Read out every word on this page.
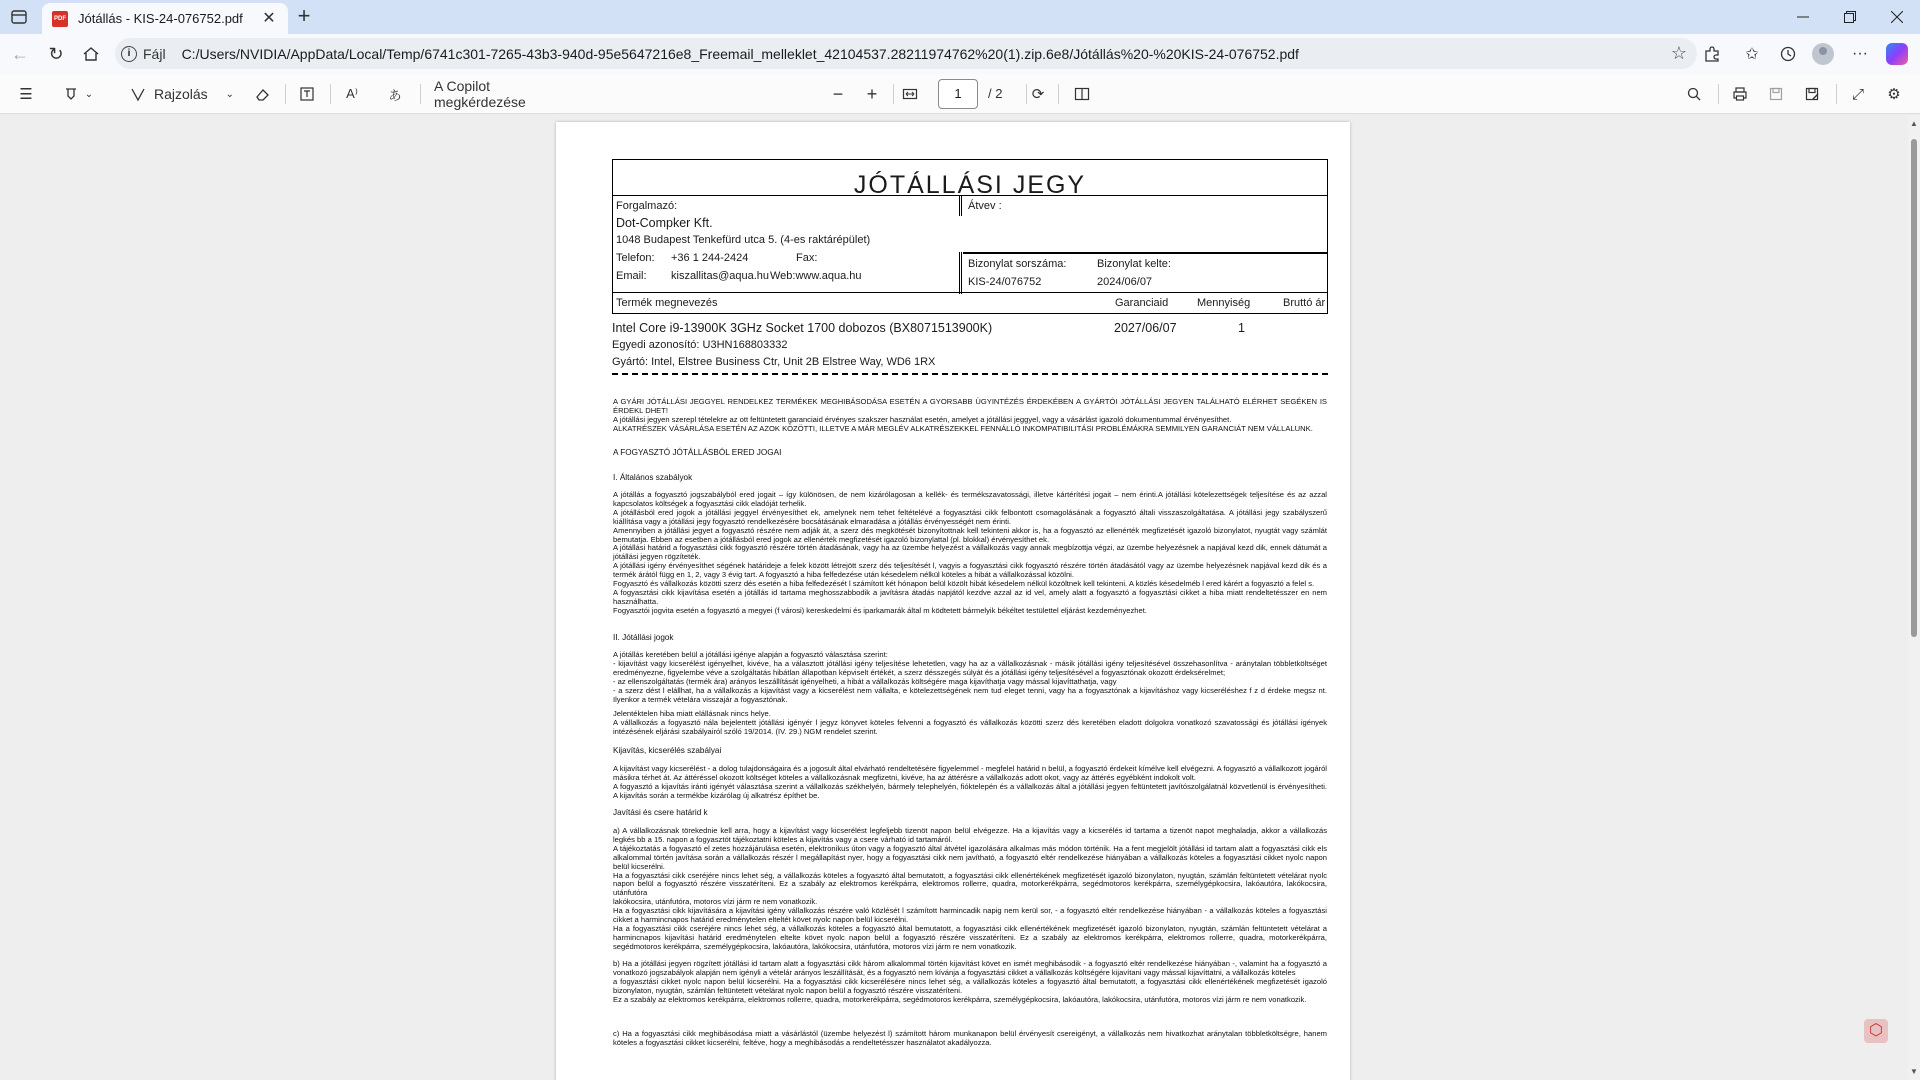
PDF Jótállás - KIS-24-076752.pdf	✕ +
← ↻	i Fájl C:/Users/NVIDIA/AppData/Local/Temp/6741c301-7265-43b3-940d-95e5647216e8_Freemail_melleklet_42104537.28211974762%20(1).zip.6e8/Jótállás%20-%20KIS-24-076752.pdf	☆	✩	···
☰	⌄	Rajzolás ⌄	A⁾ あ
A Copilot megkérdezése	− +	1	/ 2 ⟳	⤢ ⚙
JÓTÁLLÁSI JEGY
Forgalmazó:
Dot-Compker Kft.
1048 Budapest Tenkefürd utca 5. (4-es raktárépület)
Telefon: +36 1 244-2424	Fax:
Email: kiszallitas@aqua.hu Web:www.aqua.hu
Átvev :
Bizonylat sorszáma:	Bizonylat kelte:
KIS-24/076752	2024/06/07
Termék megnevezés	Garanciaid	Mennyiség	Bruttó ár
Intel Core i9-13900K 3GHz Socket 1700 dobozos (BX8071513900K)	2027/06/07	1
Egyedi azonosító: U3HN168803332
Gyártó: Intel, Elstree Business Ctr, Unit 2B Elstree Way, WD6 1RX

A GYÁRI JÓTÁLLÁSI JEGGYEL RENDELKEZ TERMÉKEK MEGHIBÁSODÁSA ESETÉN A GYORSABB ÜGYINTÉZÉS ÉRDEKÉBEN A GYÁRTÓI JÓTÁLLÁSI JEGYEN TALÁLHATÓ ELÉRHET SEGÉKEN IS ÉRDEKL DHET!

A jótállási jegyen szerepl tételekre az ott feltüntetett garanciaid érvényes szakszer használat esetén, amelyet a jótállási jeggyel, vagy a vásárlást igazoló dokumentummal érvényesíthet.

ALKATRÉSZEK VÁSÁRLÁSA ESETÉN AZ AZOK KÖZÖTTI, ILLETVE A MÁR MEGLÉV ALKATRÉSZEKKEL FENNÁLLÓ INKOMPATIBILITÁSI PROBLÉMÁKRA SEMMILYEN GARANCIÁT NEM VÁLLALUNK.

A FOGYASZTÓ JÓTÁLLÁSBÓL ERED JOGAI
I. Általános szabályok

A jótállás a fogyasztó jogszabályból ered jogait – így különösen, de nem kizárólagosan a kellék- és termékszavatossági, illetve kártérítési jogait – nem érinti.A jótállási kötelezettségek teljesítése és az azzal kapcsolatos költségek a fogyasztási cikk eladóját terhelik.

A jótállásból ered jogok a jótállási jeggyel érvényesíthet ek, amelynek nem tehet feltételévé a fogyasztási cikk felbontott csomagolásának a fogyasztó általi visszaszolgáltatása. A jótállási jegy szabályszerű kiállítása vagy a jótállási jegy fogyasztó rendelkezésére bocsátásának elmaradása a jótállás érvényességét nem érinti.

Amennyiben a jótállási jegyet a fogyasztó részére nem adják át, a szerz dés megkötését bizonyítottnak kell tekinteni akkor is, ha a fogyasztó az ellenérték megfizetését igazoló bizonylatot, nyugtát vagy számlát bemutatja. Ebben az esetben a jótállásból ered jogok az ellenérték megfizetését igazoló bizonylattal (pl. blokkal) érvényesíthet ek.

A jótállási határid a fogyasztási cikk fogyasztó részére történ átadásának, vagy ha az üzembe helyezést a vállalkozás vagy annak megbízottja végzi, az üzembe helyezésnek a napjával kezd dik, ennek dátumát a jótállási jegyen rögzíteték.

A jótállási igény érvényesíthet ségének határideje a felek között létrejött szerz dés teljesítését l, vagyis a fogyasztási cikk fogyasztó részére történ átadásától vagy az üzembe helyezésnek napjával kezd dik és a termék árától függ en 1, 2, vagy 3 évig tart. A fogyasztó a hiba felfedezése után késedelem nélkül köteles a hibát a vállalkozással közölni.

Fogyasztó és vállalkozás közötti szerz dés esetén a hiba felfedezését l számított két hónapon belül közölt hibát késedelem nélkül közöltnek kell tekinteni. A közlés késedelméb l ered kárért a fogyasztó a felel s.

A fogyasztási cikk kijavítása esetén a jótállás id tartama meghosszabbodik a javításra átadás napjától kezdve azzal az id vel, amely alatt a fogyasztó a fogyasztási cikket a hiba miatt rendeltetésszer en nem használhatta.

Fogyasztói jogvita esetén a fogyasztó a megyei (f városi) kereskedelmi és iparkamarák által m ködtetett bármelyik békéltet testülettel eljárást kezdeményezhet.

II. Jótállási jogok

A jótállás keretében belül a jótállási igénye alapján a fogyasztó választása szerint:

- kijavítást vagy kicserélést igényelhet, kivéve, ha a választott jótállási igény teljesítése lehetetlen, vagy ha az a vállalkozásnak - másik jótállási igény teljesítésével összehasonlítva - aránytalan többletköltséget eredményezne, figyelembe véve a szolgáltatás hibátlan állapotban képviselt értékét, a szerz désszegés súlyát és a jótállási igény teljesítésével a fogyasztónak okozott érdeksérelmet;

- az ellenszolgáltatás (termék ára) arányos leszállítását igényelheti, a hibát a vállalkozás költségére maga kijavíthatja vagy mással kijavíttathatja, vagy

- a szerz dést l elállhat, ha a vállalkozás a kijavítást vagy a kicserélést nem vállalta, e kötelezettségének nem tud eleget tenni, vagy ha a fogyasztónak a kijavításhoz vagy kicseréléshez f z d érdeke megsz nt. Ilyenkor a termék vételára visszajár a fogyasztónak.

Jelentéktelen hiba miatt elállásnak nincs helye.

A vállalkozás a fogyasztó nála bejelentett jótállási igényér l jegyz könyvet köteles felvenni a fogyasztó és vállalkozás közötti szerz dés keretében eladott dolgokra vonatkozó szavatossági és jótállási igények intézésének eljárási szabályairól szóló 19/2014. (IV. 29.) NGM rendelet szerint.

Kijavítás, kicserélés szabályai

A kijavítást vagy kicserélést - a dolog tulajdonságaira és a jogosult által elvárható rendeltetésére figyelemmel - megfelel határid n belül, a fogyasztó érdekeit kímélve kell elvégezni. A fogyasztó a vállalkozott jogáról másikra térhet át. Az áttéréssel okozott költséget köteles a vállalkozásnak megfizetni, kivéve, ha az áttérésre a vállalkozás adott okot, vagy az áttérés egyébként indokolt volt.

A fogyasztó a kijavítás iránti igényét választása szerint a vállalkozás székhelyén, bármely telephelyén, fióktelepén és a vállalkozás által a jótállási jegyen feltüntetett javítószolgálatnál közvetlenül is érvényesítheti. A kijavítás során a termékbe kizárólag új alkatrész építhet be.

Javítási és csere határid k

a) A vállalkozásnak törekednie kell arra, hogy a kijavítást vagy kicserélést legfeljebb tizenöt napon belül elvégezze. Ha a kijavítás vagy a kicserélés id tartama a tizenöt napot meghaladja, akkor a vállalkozás legkés bb a 15. napon a fogyasztót tájékoztatni köteles a kijavítás vagy a csere várható id tartamáról.

A tájékoztatás a fogyasztó el zetes hozzájárulása esetén, elektronikus úton vagy a fogyasztó által átvétel igazolására alkalmas más módon történik. Ha a fent megjelölt jótállási id tartam alatt a fogyasztási cikk els alkalommal történ javítása során a vállalkozás részér l megállapítást nyer, hogy a fogyasztási cikk nem javítható, a fogyasztó eltér rendelkezése hiányában a vállalkozás köteles a fogyasztási cikket nyolc napon belül kicserélni.

Ha a fogyasztási cikk cseréjére nincs lehet ség, a vállalkozás köteles a fogyasztó által bemutatott, a fogyasztási cikk ellenértékének megfizetését igazoló bizonylaton, nyugtán, számlán feltüntetett vételárat nyolc napon belül a fogyasztó részére visszatéríteni. Ez a szabály az elektromos kerékpárra, elektromos rollerre, quadra, motorkerékpárra, segédmotoros kerékpárra, személygépkocsira, lakóautóra, lakókocsira, utánfutóra

lakókocsira, utánfutóra, motoros vízi járm re nem vonatkozik.

Ha a fogyasztási cikk kijavítására a kijavítási igény vállalkozás részére való közlését l számított harmincadik napig nem kerül sor, - a fogyasztó eltér rendelkezése hiányában - a vállalkozás köteles a fogyasztási cikket a harmincnapos határid eredménytelen elteltét követ nyolc napon belül kicserélni.

Ha a fogyasztási cikk cseréjére nincs lehet ség, a vállalkozás köteles a fogyasztó által bemutatott, a fogyasztási cikk ellenértékének megfizetését igazoló bizonylaton, nyugtán, számlán feltüntetett vételárat a harmincnapos kijavítási határid eredménytelen eltelte követ nyolc napon belül a fogyasztó részére visszatéríteni. Ez a szabály az elektromos kerékpárra, elektromos rollerre, quadra, motorkerékpárra, segédmotoros kerékpárra, személygépkocsira, lakóautóra, lakókocsira, utánfutóra, motoros vízi járm re nem vonatkozik.

b) Ha a jótállási jegyen rögzített jótállási id tartam alatt a fogyasztási cikk három alkalommal történ kijavítást követ en ismét meghibásodik - a fogyasztó eltér rendelkezése hiányában -, valamint ha a fogyasztó a vonatkozó jogszabályok alapján nem igényli a vételár arányos leszállítását, és a fogyasztó nem kívánja a fogyasztási cikket a vállalkozás költségére kijavítani vagy mással kijavíttatni, a vállalkozás köteles

a fogyasztási cikket nyolc napon belül kicserélni. Ha a fogyasztási cikk kicserélésére nincs lehet ség, a vállalkozás köteles a fogyasztó által bemutatott, a fogyasztási cikk ellenértékének megfizetését igazoló bizonylaton, nyugtán, számlán feltüntetett vételárat nyolc napon belül a fogyasztó részére visszatéríteni.

Ez a szabály az elektromos kerékpárra, elektromos rollerre, quadra, motorkerékpárra, segédmotoros kerékpárra, személygépkocsira, lakóautóra, lakókocsira, utánfutóra, motoros vízi járm re nem vonatkozik.

c) Ha a fogyasztási cikk meghibásodása miatt a vásárlástól (üzembe helyezést l) számított három munkanapon belül érvényesít csereigényt, a vállalkozás nem hivatkozhat aránytalan többletköltségre, hanem köteles a fogyasztási cikket kicserélni, feltéve, hogy a meghibásodás a rendeltetésszer használatot akadályozza.

⬡
▲
▼
